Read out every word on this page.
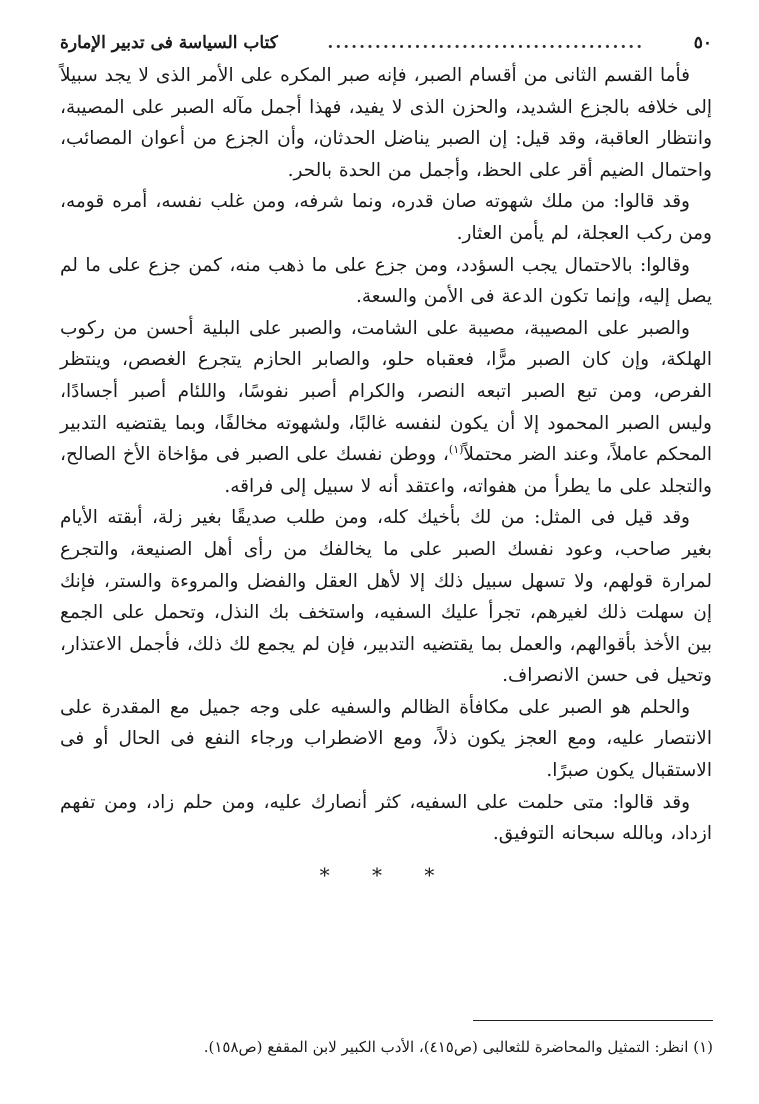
٥٠
........................................
كتاب السياسة فى تدبير الإمارة

فأما القسم الثانى من أقسام الصبر، فإنه صبر المكره على الأمر الذى لا يجد سبيلاً إلى خلافه بالجزع الشديد، والحزن الذى لا يفيد، فهذا أجمل مآله الصبر على المصيبة، وانتظار العاقبة، وقد قيل: إن الصبر يناضل الحدثان، وأن الجزع من أعوان المصائب، واحتمال الضيم أقر على الحظ، وأجمل من الحدة بالحر.

وقد قالوا: من ملك شهوته صان قدره، ونما شرفه، ومن غلب نفسه، أمره قومه، ومن ركب العجلة، لم يأمن العثار.

وقالوا: بالاحتمال يجب السؤدد، ومن جزع على ما ذهب منه، كمن جزع على ما لم يصل إليه، وإنما تكون الدعة فى الأمن والسعة.

والصبر على المصيبة، مصيبة على الشامت، والصبر على البلية أحسن من ركوب الهلكة، وإن كان الصبر مرًّا، فعقباه حلو، والصابر الحازم يتجرع الغصص، وينتظر الفرص، ومن تبع الصبر اتبعه النصر، والكرام أصبر نفوسًا، واللئام أصبر أجسادًا، وليس الصبر المحمود إلا أن يكون لنفسه غالبًا، ولشهوته مخالفًا، وبما يقتضيه التدبير المحكم عاملاً، وعند الضر محتملاً$^{(١)}$، ووطن نفسك على الصبر فى مؤاخاة الأخ الصالح، والتجلد على ما يطرأ من هفواته، واعتقد أنه لا سبيل إلى فراقه.

وقد قيل فى المثل: من لك بأخيك كله، ومن طلب صديقًا بغير زلة، أبقته الأيام بغير صاحب، وعود نفسك الصبر على ما يخالفك من رأى أهل الصنيعة، والتجرع لمرارة قولهم، ولا تسهل سبيل ذلك إلا لأهل العقل والفضل والمروءة والستر، فإنك إن سهلت ذلك لغيرهم، تجرأ عليك السفيه، واستخف بك النذل، وتحمل على الجمع بين الأخذ بأقوالهم، والعمل بما يقتضيه التدبير، فإن لم يجمع لك ذلك، فأجمل الاعتذار، وتحيل فى حسن الانصراف.

والحلم هو الصبر على مكافأة الظالم والسفيه على وجه جميل مع المقدرة على الانتصار عليه، ومع العجز يكون ذلاً، ومع الاضطراب ورجاء النفع فى الحال أو فى الاستقبال يكون صبرًا.

وقد قالوا: متى حلمت على السفيه، كثر أنصارك عليه، ومن حلم زاد، ومن تفهم ازداد، وبالله سبحانه التوفيق.

* * *
(١) انظر: التمثيل والمحاضرة للثعالبى (ص٤١٥)، الأدب الكبير لابن المقفع (ص١٥٨).
